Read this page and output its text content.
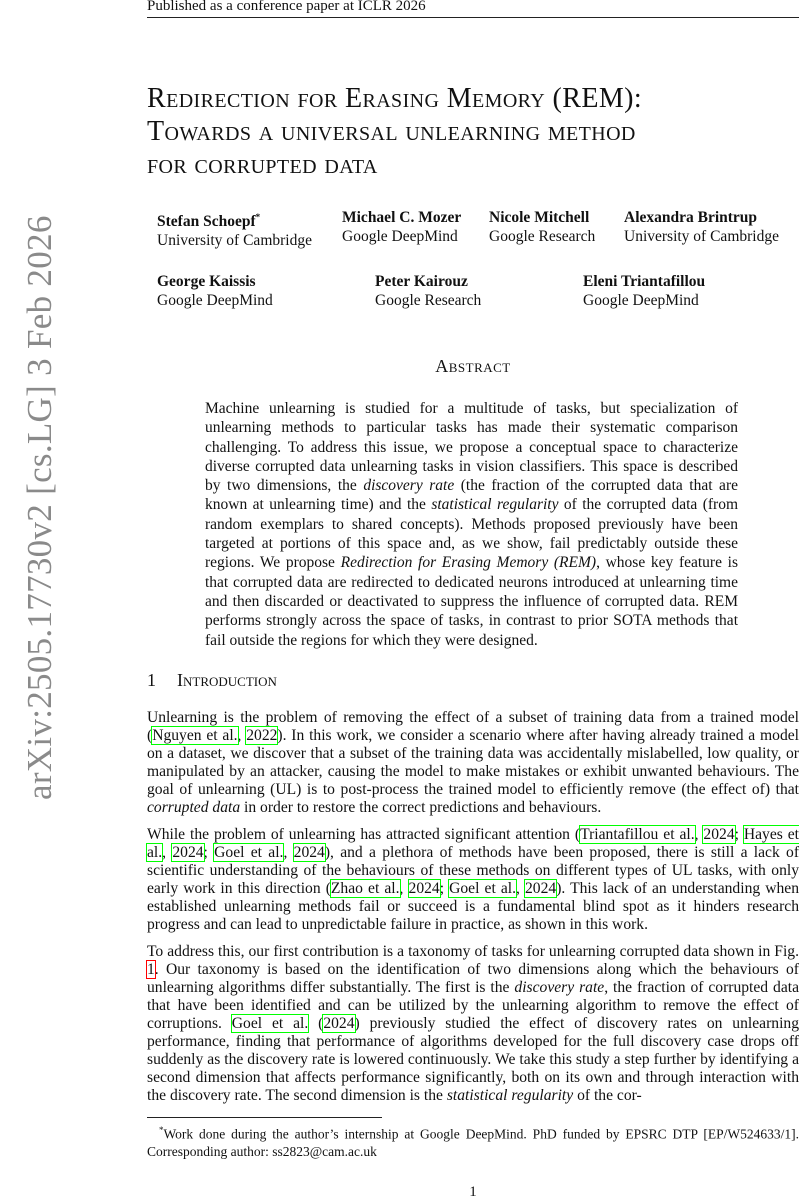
Published as a conference paper at ICLR 2026
arXiv:2505.17730v2 [cs.LG] 3 Feb 2026
Redirection for Erasing Memory (REM):
Towards a universal unlearning method
for corrupted data
Stefan Schoepf*
University of Cambridge
Michael C. Mozer
Google DeepMind
Nicole Mitchell
Google Research
Alexandra Brintrup
University of Cambridge
George Kaissis
Google DeepMind
Peter Kairouz
Google Research
Eleni Triantafillou
Google DeepMind
Abstract
Machine unlearning is studied for a multitude of tasks, but specialization of unlearning methods to particular tasks has made their systematic comparison challenging. To address this issue, we propose a conceptual space to characterize diverse corrupted data unlearning tasks in vision classifiers. This space is described by two dimensions, the discovery rate (the fraction of the corrupted data that are known at unlearning time) and the statistical regularity of the corrupted data (from random exemplars to shared concepts). Methods proposed previously have been targeted at portions of this space and, as we show, fail predictably outside these regions. We propose Redirection for Erasing Memory (REM), whose key feature is that corrupted data are redirected to dedicated neurons introduced at unlearning time and then discarded or deactivated to suppress the influence of corrupted data. REM performs strongly across the space of tasks, in contrast to prior SOTA methods that fail outside the regions for which they were designed.
1 Introduction

Unlearning is the problem of removing the effect of a subset of training data from a trained model (Nguyen et al., 2022). In this work, we consider a scenario where after having already trained a model on a dataset, we discover that a subset of the training data was accidentally mislabelled, low quality, or manipulated by an attacker, causing the model to make mistakes or exhibit unwanted behaviours. The goal of unlearning (UL) is to post-process the trained model to efficiently remove (the effect of) that corrupted data in order to restore the correct predictions and behaviours.

While the problem of unlearning has attracted significant attention (Triantafillou et al., 2024; Hayes et al., 2024; Goel et al., 2024), and a plethora of methods have been proposed, there is still a lack of scientific understanding of the behaviours of these methods on different types of UL tasks, with only early work in this direction (Zhao et al., 2024; Goel et al., 2024). This lack of an understanding when established unlearning methods fail or succeed is a fundamental blind spot as it hinders research progress and can lead to unpredictable failure in practice, as shown in this work.

To address this, our first contribution is a taxonomy of tasks for unlearning corrupted data shown in Fig. 1. Our taxonomy is based on the identification of two dimensions along which the behaviours of unlearning algorithms differ substantially. The first is the discovery rate, the fraction of corrupted data that have been identified and can be utilized by the unlearning algorithm to remove the effect of corruptions. Goel et al. (2024) previously studied the effect of discovery rates on unlearning performance, finding that performance of algorithms developed for the full discovery case drops off suddenly as the discovery rate is lowered continuously. We take this study a step further by identifying a second dimension that affects performance significantly, both on its own and through interaction with the discovery rate. The second dimension is the statistical regularity of the cor-

*Work done during the author’s internship at Google DeepMind. PhD funded by EPSRC DTP [EP/W524633/1]. Corresponding author: ss2823@cam.ac.uk
1
